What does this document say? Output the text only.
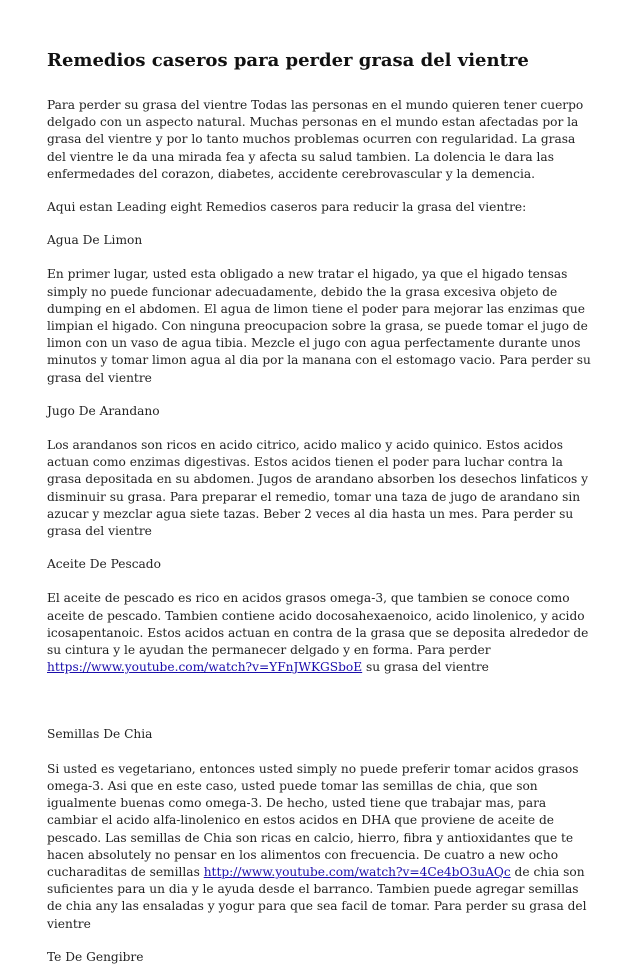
Remedios caseros para perder grasa del vientre

Para perder su grasa del vientre Todas las personas en el mundo quieren tener cuerpo delgado con un aspecto natural. Muchas personas en el mundo estan afectadas por la grasa del vientre y por lo tanto muchos problemas ocurren con regularidad. La grasa del vientre le da una mirada fea y afecta su salud tambien. La dolencia le dara las enfermedades del corazon, diabetes, accidente cerebrovascular y la demencia.

Aqui estan Leading eight Remedios caseros para reducir la grasa del vientre:

Agua De Limon

En primer lugar, usted esta obligado a new tratar el higado, ya que el higado tensas simply no puede funcionar adecuadamente, debido the la grasa excesiva objeto de dumping en el abdomen. El agua de limon tiene el poder para mejorar las enzimas que limpian el higado. Con ninguna preocupacion sobre la grasa, se puede tomar el jugo de limon con un vaso de agua tibia. Mezcle el jugo con agua perfectamente durante unos minutos y tomar limon agua al dia por la manana con el estomago vacio. Para perder su grasa del vientre

Jugo De Arandano

Los arandanos son ricos en acido citrico, acido malico y acido quinico. Estos acidos actuan como enzimas digestivas. Estos acidos tienen el poder para luchar contra la grasa depositada en su abdomen. Jugos de arandano absorben los desechos linfaticos y disminuir su grasa. Para preparar el remedio, tomar una taza de jugo de arandano sin azucar y mezclar agua siete tazas. Beber 2 veces al dia hasta un mes. Para perder su grasa del vientre

Aceite De Pescado

El aceite de pescado es rico en acidos grasos omega-3, que tambien se conoce como aceite de pescado. Tambien contiene acido docosahexaenoico, acido linolenico, y acido icosapentanoic. Estos acidos actuan en contra de la grasa que se deposita alrededor de su cintura y le ayudan the permanecer delgado y en forma. Para perder https://www.youtube.com/watch?v=YFnJWKGSboE su grasa del vientre

Semillas De Chia

Si usted es vegetariano, entonces usted simply no puede preferir tomar acidos grasos omega-3. Asi que en este caso, usted puede tomar las semillas de chia, que son igualmente buenas como omega-3. De hecho, usted tiene que trabajar mas, para cambiar el acido alfa-linolenico en estos acidos en DHA que proviene de aceite de pescado. Las semillas de Chia son ricas en calcio, hierro, fibra y antioxidantes que te hacen absolutely no pensar en los alimentos con frecuencia. De cuatro a new ocho cucharaditas de semillas http://www.youtube.com/watch?v=4Ce4bO3uAQc de chia son suficientes para un dia y le ayuda desde el barranco. Tambien puede agregar semillas de chia any las ensaladas y yogur para que sea facil de tomar. Para perder su grasa del vientre

Te De Gengibre
